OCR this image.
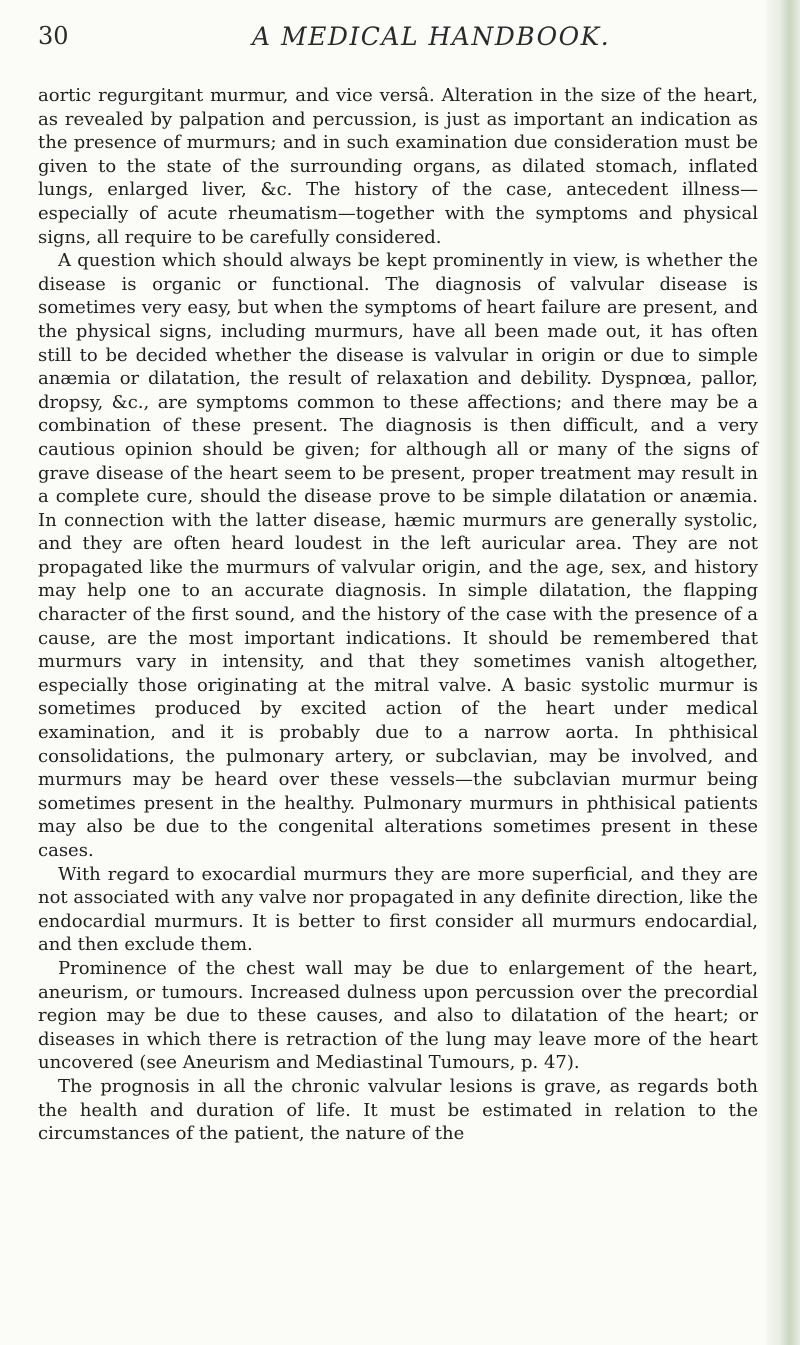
30	A MEDICAL HANDBOOK.

aortic regurgitant murmur, and vice versâ. Alteration in the size of the heart, as revealed by palpation and percussion, is just as important an indication as the presence of murmurs; and in such examination due consideration must be given to the state of the surrounding organs, as dilated stomach, inflated lungs, enlarged liver, &c. The history of the case, antecedent illness—especially of acute rheumatism—together with the symptoms and physical signs, all require to be carefully considered.

A question which should always be kept prominently in view, is whether the disease is organic or functional. The diagnosis of valvular disease is sometimes very easy, but when the symptoms of heart failure are present, and the physical signs, including murmurs, have all been made out, it has often still to be decided whether the disease is valvular in origin or due to simple anæmia or dilatation, the result of relaxation and debility. Dyspnœa, pallor, dropsy, &c., are symptoms common to these affections; and there may be a combination of these present. The diagnosis is then difficult, and a very cautious opinion should be given; for although all or many of the signs of grave disease of the heart seem to be present, proper treatment may result in a complete cure, should the disease prove to be simple dilatation or anæmia. In connection with the latter disease, hæmic murmurs are generally systolic, and they are often heard loudest in the left auricular area. They are not propagated like the murmurs of valvular origin, and the age, sex, and history may help one to an accurate diagnosis. In simple dilatation, the flapping character of the first sound, and the history of the case with the presence of a cause, are the most important indications. It should be remembered that murmurs vary in intensity, and that they sometimes vanish altogether, especially those originating at the mitral valve. A basic systolic murmur is sometimes produced by excited action of the heart under medical examination, and it is probably due to a narrow aorta. In phthisical consolidations, the pulmonary artery, or subclavian, may be involved, and murmurs may be heard over these vessels—the subclavian murmur being sometimes present in the healthy. Pulmonary murmurs in phthisical patients may also be due to the congenital alterations sometimes present in these cases.

With regard to exocardial murmurs they are more superficial, and they are not associated with any valve nor propagated in any definite direction, like the endocardial murmurs. It is better to first consider all murmurs endocardial, and then exclude them.

Prominence of the chest wall may be due to enlargement of the heart, aneurism, or tumours. Increased dulness upon percussion over the precordial region may be due to these causes, and also to dilatation of the heart; or diseases in which there is retraction of the lung may leave more of the heart uncovered (see Aneurism and Mediastinal Tumours, p. 47).

The prognosis in all the chronic valvular lesions is grave, as regards both the health and duration of life. It must be estimated in relation to the circumstances of the patient, the nature of the
